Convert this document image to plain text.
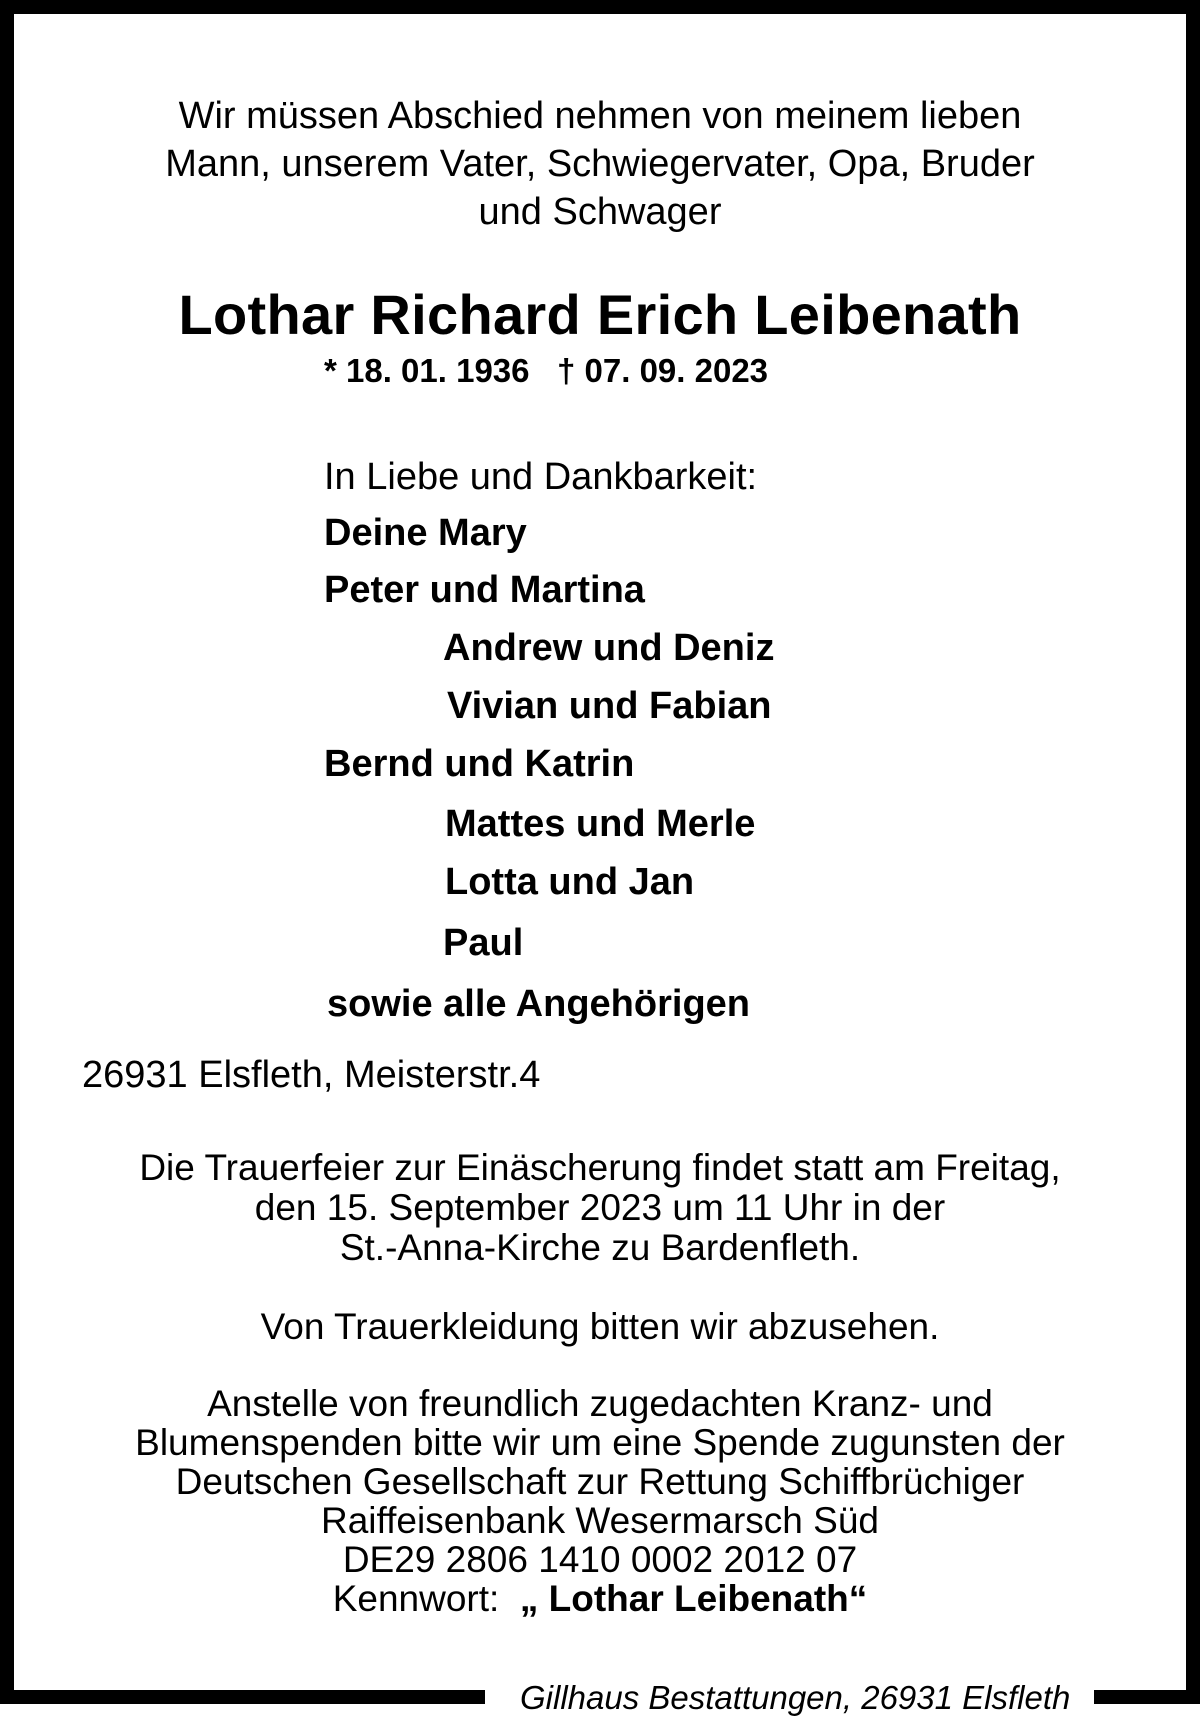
Wir müssen Abschied nehmen von meinem lieben
Mann, unserem Vater, Schwiegervater, Opa, Bruder
und Schwager
Lothar Richard Erich Leibenath
* 18. 01. 1936   † 07. 09. 2023
In Liebe und Dankbarkeit:
Deine Mary
Peter und Martina
Andrew und Deniz
Vivian und Fabian
Bernd und Katrin
Mattes und Merle
Lotta und Jan
Paul
sowie alle Angehörigen
26931 Elsfleth, Meisterstr.4
Die Trauerfeier zur Einäscherung findet statt am Freitag,
den 15. September 2023 um 11 Uhr in der
St.-Anna-Kirche zu Bardenfleth.
Von Trauerkleidung bitten wir abzusehen.
Anstelle von freundlich zugedachten Kranz- und
Blumenspenden bitte wir um eine Spende zugunsten der
Deutschen Gesellschaft zur Rettung Schiffbrüchiger
Raiffeisenbank Wesermarsch Süd
DE29 2806 1410 0002 2012 07
Kennwort: „ Lothar Leibenath“
Gillhaus Bestattungen, 26931 Elsfleth
